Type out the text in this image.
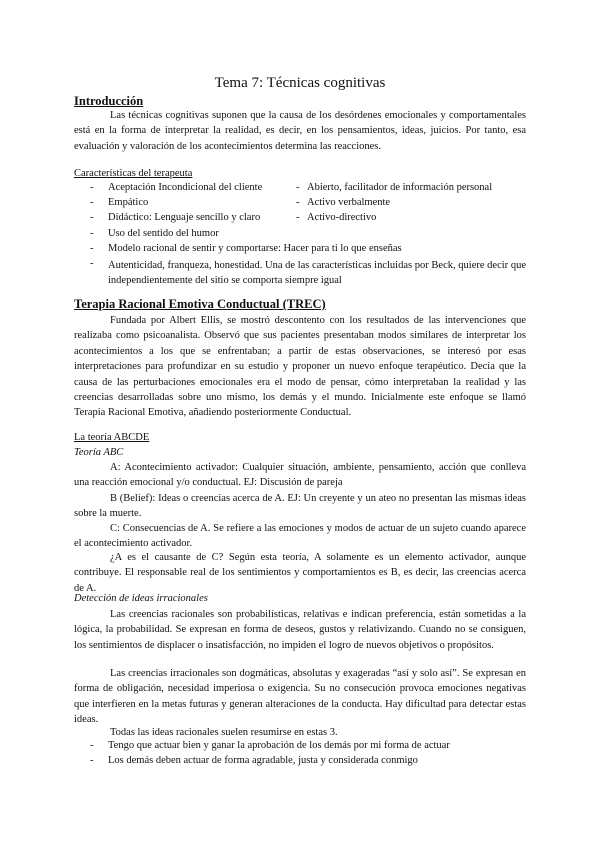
Tema 7: Técnicas cognitivas
Introducción

Las técnicas cognitivas suponen que la causa de los desórdenes emocionales y comportamentales está en la forma de interpretar la realidad, es decir, en los pensamientos, ideas, juicios. Por tanto, esa evaluación y valoración de los acontecimientos determina las reacciones.

Características del terapeuta
- Aceptación Incondicional del cliente
- Empático
- Didáctico: Lenguaje sencillo y claro
- Uso del sentido del humor
- Modelo racional de sentir y comportarse: Hacer para ti lo que enseñas
- Autenticidad, franqueza, honestidad. Una de las características incluidas por Beck, quiere decir que independientemente del sitio se comporta siempre igual
- Abierto, facilitador de información personal
- Activo verbalmente
- Activo-directivo
Terapia Racional Emotiva Conductual (TREC)

Fundada por Albert Ellis, se mostró descontento con los resultados de las intervenciones que realizaba como psicoanalista. Observó que sus pacientes presentaban modos similares de interpretar los acontecimientos a los que se enfrentaban; a partir de estas observaciones, se interesó por esas interpretaciones para profundizar en su estudio y proponer un nuevo enfoque terapéutico. Decía que la causa de las perturbaciones emocionales era el modo de pensar, cómo interpretaban la realidad y las creencias desarrolladas sobre uno mismo, los demás y el mundo. Inicialmente este enfoque se llamó Terapia Racional Emotiva, añadiendo posteriormente Conductual.

La teoría ABCDE
Teoría ABC

A: Acontecimiento activador: Cualquier situación, ambiente, pensamiento, acción que conlleva una reacción emocional y/o conductual. EJ: Discusión de pareja

B (Belief): Ideas o creencias acerca de A. EJ: Un creyente y un ateo no presentan las mismas ideas sobre la muerte.

C: Consecuencias de A. Se refiere a las emociones y modos de actuar de un sujeto cuando aparece el acontecimiento activador.

¿A es el causante de C? Según esta teoría, A solamente es un elemento activador, aunque contribuye. El responsable real de los sentimientos y comportamientos es B, es decir, las creencias acerca de A.

Detección de ideas irracionales

Las creencias racionales son probabilísticas, relativas e indican preferencia, están sometidas a la lógica, la probabilidad. Se expresan en forma de deseos, gustos y relativizando. Cuando no se consiguen, los sentimientos de displacer o insatisfacción, no impiden el logro de nuevos objetivos o propósitos.

Las creencias irracionales son dogmáticas, absolutas y exageradas “así y solo así”. Se expresan en forma de obligación, necesidad imperiosa o exigencia. Su no consecución provoca emociones negativas que interfieren en la metas futuras y generan alteraciones de la conducta. Hay dificultad para detectar estas ideas.

Todas las ideas racionales suelen resumirse en estas 3.

- Tengo que actuar bien y ganar la aprobación de los demás por mi forma de actuar
- Los demás deben actuar de forma agradable, justa y considerada conmigo
